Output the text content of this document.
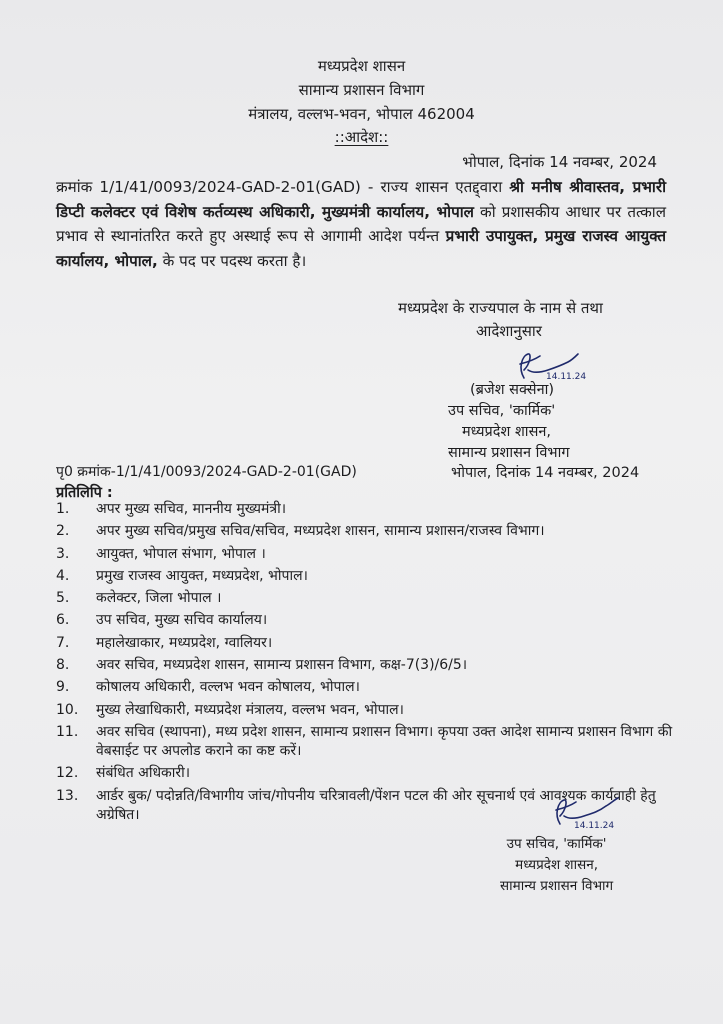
मध्यप्रदेश शासन
सामान्य प्रशासन विभाग
मंत्रालय, वल्लभ-भवन, भोपाल 462004
::आदेश::
भोपाल, दिनांक 14 नवम्बर, 2024
क्रमांक 1/1/41/0093/2024-GAD-2-01(GAD) - राज्य शासन एतद्द्वारा श्री मनीष श्रीवास्तव, प्रभारी डिप्टी कलेक्टर एवं विशेष कर्तव्यस्थ अधिकारी, मुख्यमंत्री कार्यालय, भोपाल को प्रशासकीय आधार पर तत्काल प्रभाव से स्थानांतरित करते हुए अस्थाई रूप से आगामी आदेश पर्यन्त प्रभारी उपायुक्त, प्रमुख राजस्व आयुक्त कार्यालय, भोपाल, के पद पर पदस्थ करता है।
मध्यप्रदेश के राज्यपाल के नाम से तथा
आदेशानुसार
14.11.24
(ब्रजेश सक्सेना)
उप सचिव, 'कार्मिक'
मध्यप्रदेश शासन,
सामान्य प्रशासन विभाग
पृ0 क्रमांक-1/1/41/0093/2024-GAD-2-01(GAD)	भोपाल, दिनांक 14 नवम्बर, 2024
प्रतिलिपि :
1.	अपर मुख्य सचिव, माननीय मुख्यमंत्री।
2.	अपर मुख्य सचिव/प्रमुख सचिव/सचिव, मध्यप्रदेश शासन, सामान्य प्रशासन/राजस्व विभाग।
3.	आयुक्त, भोपाल संभाग, भोपाल ।
4.	प्रमुख राजस्व आयुक्त, मध्यप्रदेश, भोपाल।
5.	कलेक्टर, जिला भोपाल ।
6.	उप सचिव, मुख्य सचिव कार्यालय।
7.	महालेखाकार, मध्यप्रदेश, ग्वालियर।
8.	अवर सचिव, मध्यप्रदेश शासन, सामान्य प्रशासन विभाग, कक्ष-7(3)/6/5।
9.	कोषालय अधिकारी, वल्लभ भवन कोषालय, भोपाल।
10.	मुख्य लेखाधिकारी, मध्यप्रदेश मंत्रालय, वल्लभ भवन, भोपाल।
11.	अवर सचिव (स्थापना), मध्य प्रदेश शासन, सामान्य प्रशासन विभाग। कृपया उक्त आदेश सामान्य प्रशासन विभाग की वेबसाईट पर अपलोड कराने का कष्ट करें।
12.	संबंधित अधिकारी।
13.	आर्डर बुक/ पदोन्नति/विभागीय जांच/गोपनीय चरित्रावली/पेंशन पटल की ओर सूचनार्थ एवं आवश्यक कार्यवाही हेतु अग्रेषित।
14.11.24
उप सचिव, 'कार्मिक'
मध्यप्रदेश शासन,
सामान्य प्रशासन विभाग
